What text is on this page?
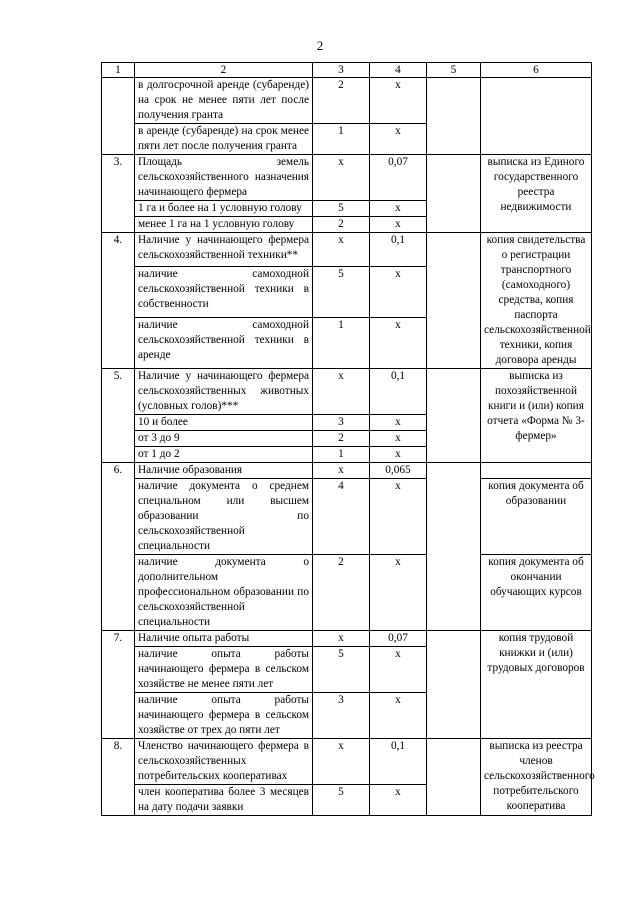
2
1	2	3	4	5	6
	в долгосрочной аренде (субаренде) на срок не менее пяти лет после получения гранта	2	х		
	в аренде (субаренде) на срок менее пяти лет после получения гранта	1	х		
3.	Площадь земель сельскохозяйственного назначения начинающего фермера	х	0,07		выписка из Единого государственного реестра недвижимости
	1 га и более на 1 условную голову	5	х		
	менее 1 га на 1 условную голову	2	х		
4.	Наличие у начинающего фермера сельскохозяйственной техники**	х	0,1		копия свидетельства о регистрации транспортного (самоходного) средства, копия паспорта сельскохозяйственной техники, копия договора аренды
	наличие самоходной сельскохозяйственной техники в собственности	5	х		
	наличие самоходной сельскохозяйственной техники в аренде	1	х		
5.	Наличие у начинающего фермера сельскохозяйственных животных (условных голов)***	х	0,1		выписка из похозяйственной книги и (или) копия отчета «Форма № 3-фермер»
	10 и более	3	х		
	от 3 до 9	2	х		
	от 1 до 2	1	х		
6.	Наличие образования	х	0,065		
	наличие документа о среднем специальном или высшем образовании по сельскохозяйственной специальности	4	х		копия документа об образовании
	наличие документа о дополнительном профессиональном образовании по сельскохозяйственной специальности	2	х		копия документа об окончании обучающих курсов
7.	Наличие опыта работы	х	0,07		копия трудовой книжки и (или) трудовых договоров
	наличие опыта работы начинающего фермера в сельском хозяйстве не менее пяти лет	5	х		
	наличие опыта работы начинающего фермера в сельском хозяйстве от трех до пяти лет	3	х		
8.	Членство начинающего фермера в сельскохозяйственных потребительских кооперативах	х	0,1		выписка из реестра членов сельскохозяйственного потребительского кооператива
	член кооператива более 3 месяцев на дату подачи заявки	5	х		
